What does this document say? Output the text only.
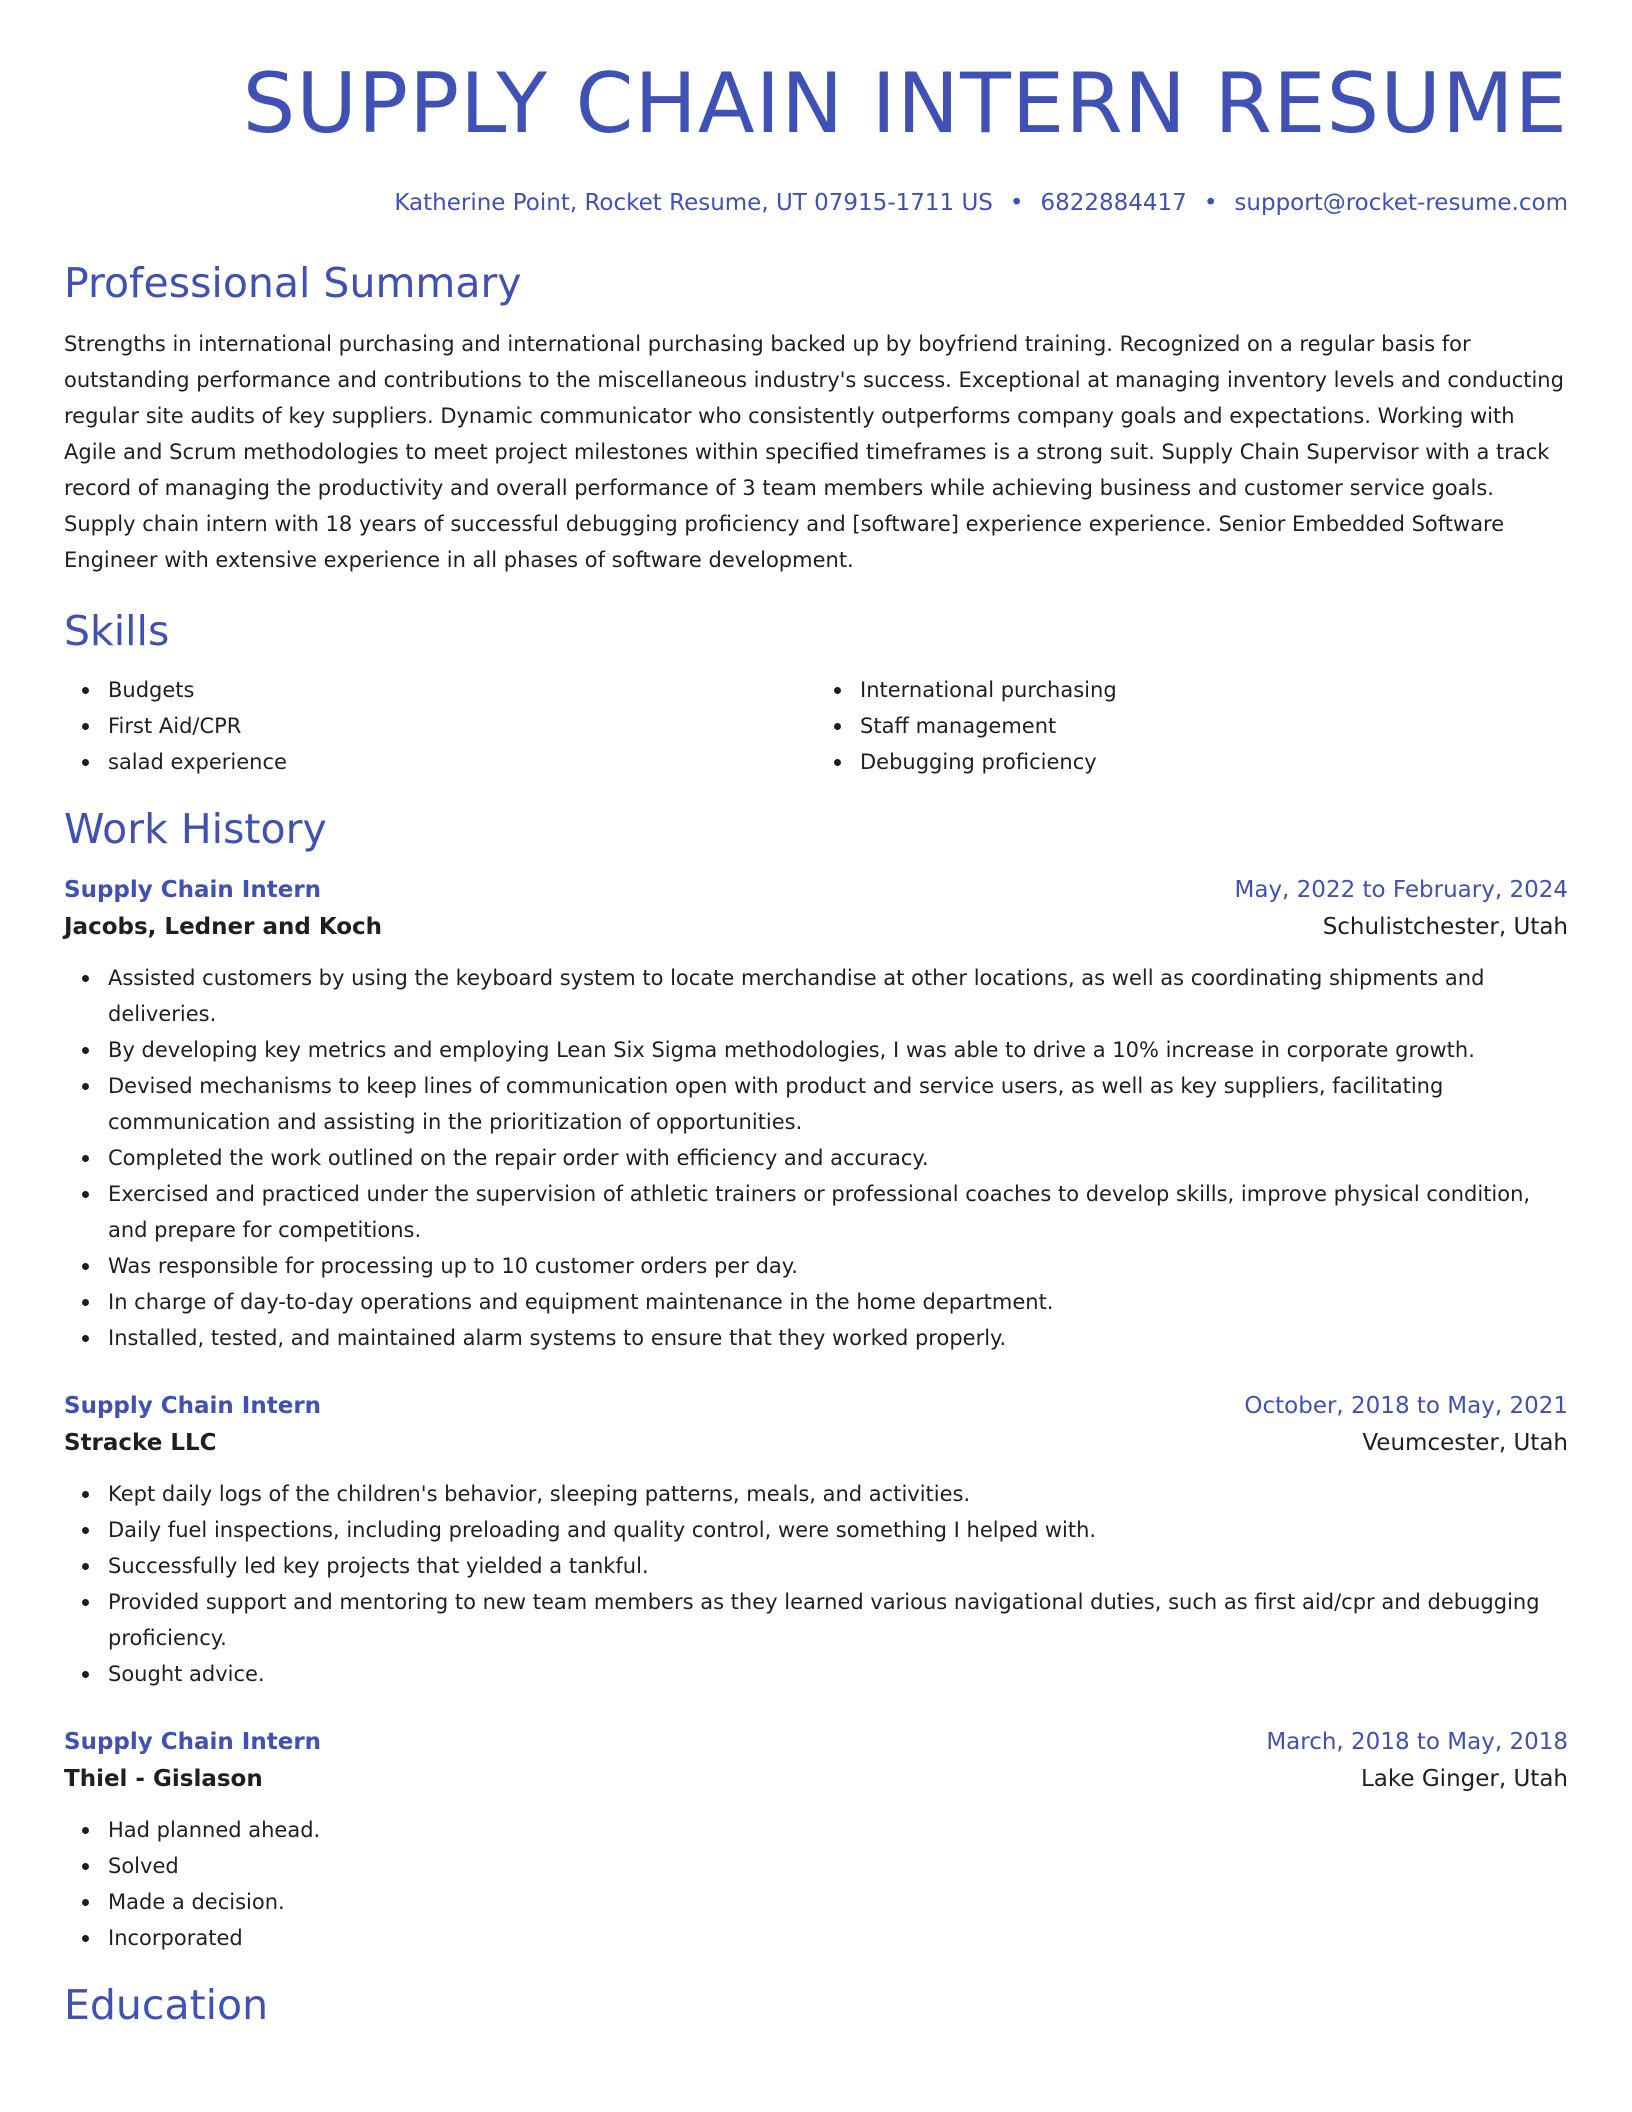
SUPPLY CHAIN INTERN RESUME
Katherine Point, Rocket Resume, UT 07915-1711 US • 6822884417 • support@rocket-resume.com
Professional Summary

Strengths in international purchasing and international purchasing backed up by boyfriend training. Recognized on a regular basis for outstanding performance and contributions to the miscellaneous industry's success. Exceptional at managing inventory levels and conducting regular site audits of key suppliers. Dynamic communicator who consistently outperforms company goals and expectations. Working with Agile and Scrum methodologies to meet project milestones within specified timeframes is a strong suit. Supply Chain Supervisor with a track record of managing the productivity and overall performance of 3 team members while achieving business and customer service goals. Supply chain intern with 18 years of successful debugging proficiency and [software] experience experience. Senior Embedded Software Engineer with extensive experience in all phases of software development.

Skills
Budgets
First Aid/CPR
salad experience
International purchasing
Staff management
Debugging proficiency
Work History
Supply Chain Intern	May, 2022 to February, 2024
Jacobs, Ledner and Koch	Schulistchester, Utah
Assisted customers by using the keyboard system to locate merchandise at other locations, as well as coordinating shipments and deliveries.
By developing key metrics and employing Lean Six Sigma methodologies, I was able to drive a 10% increase in corporate growth.
Devised mechanisms to keep lines of communication open with product and service users, as well as key suppliers, facilitating communication and assisting in the prioritization of opportunities.
Completed the work outlined on the repair order with efficiency and accuracy.
Exercised and practiced under the supervision of athletic trainers or professional coaches to develop skills, improve physical condition, and prepare for competitions.
Was responsible for processing up to 10 customer orders per day.
In charge of day-to-day operations and equipment maintenance in the home department.
Installed, tested, and maintained alarm systems to ensure that they worked properly.
Supply Chain Intern	October, 2018 to May, 2021
Stracke LLC	Veumcester, Utah
Kept daily logs of the children's behavior, sleeping patterns, meals, and activities.
Daily fuel inspections, including preloading and quality control, were something I helped with.
Successfully led key projects that yielded a tankful.
Provided support and mentoring to new team members as they learned various navigational duties, such as first aid/cpr and debugging proficiency.
Sought advice.
Supply Chain Intern	March, 2018 to May, 2018
Thiel - Gislason	Lake Ginger, Utah
Had planned ahead.
Solved
Made a decision.
Incorporated
Education
